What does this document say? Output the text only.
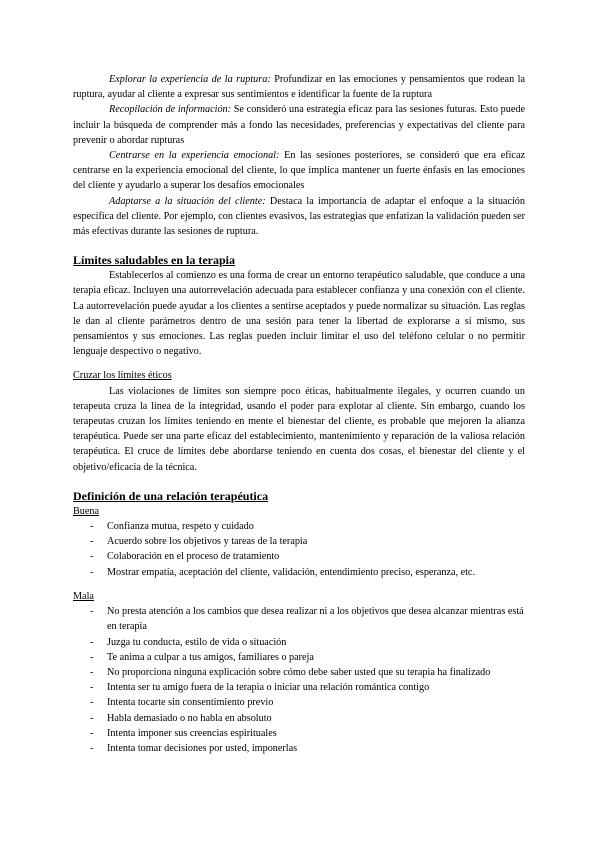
Explorar la experiencia de la ruptura: Profundizar en las emociones y pensamientos que rodean la ruptura, ayudar al cliente a expresar sus sentimientos e identificar la fuente de la ruptura

Recopilación de información: Se consideró una estrategia eficaz para las sesiones futuras. Esto puede incluir la búsqueda de comprender más a fondo las necesidades, preferencias y expectativas del cliente para prevenir o abordar rupturas

Centrarse en la experiencia emocional: En las sesiones posteriores, se consideró que era eficaz centrarse en la experiencia emocional del cliente, lo que implica mantener un fuerte énfasis en las emociones del cliente y ayudarlo a superar los desafíos emocionales

Adaptarse a la situación del cliente: Destaca la importancia de adaptar el enfoque a la situación específica del cliente. Por ejemplo, con clientes evasivos, las estrategias que enfatizan la validación pueden ser más efectivas durante las sesiones de ruptura.

Límites saludables en la terapia

Establecerlos al comienzo es una forma de crear un entorno terapéutico saludable, que conduce a una terapia eficaz. Incluyen una autorrevelación adecuada para establecer confianza y una conexión con el cliente. La autorrevelación puede ayudar a los clientes a sentirse aceptados y puede normalizar su situación. Las reglas le dan al cliente parámetros dentro de una sesión para tener la libertad de explorarse a sí mismo, sus pensamientos y sus emociones. Las reglas pueden incluir limitar el uso del teléfono celular o no permitir lenguaje despectivo o negativo.

Cruzar los límites éticos

Las violaciones de límites son siempre poco éticas, habitualmente ilegales, y ocurren cuando un terapeuta cruza la línea de la integridad, usando el poder para explotar al cliente. Sin embargo, cuando los terapeutas cruzan los límites teniendo en mente el bienestar del cliente, es probable que mejoren la alianza terapéutica. Puede ser una parte eficaz del establecimiento, mantenimiento y reparación de la valiosa relación terapéutica. El cruce de límites debe abordarse teniendo en cuenta dos cosas, el bienestar del cliente y el objetivo/eficacia de la técnica.

Definición de una relación terapéutica

Buena

- Confianza mutua, respeto y cuidado
- Acuerdo sobre los objetivos y tareas de la terapia
- Colaboración en el proceso de tratamiento
- Mostrar empatía, aceptación del cliente, validación, entendimiento preciso, esperanza, etc.

Mala

- No presta atención a los cambios que desea realizar ni a los objetivos que desea alcanzar mientras está en terapia
- Juzga tu conducta, estilo de vida o situación
- Te anima a culpar a tus amigos, familiares o pareja
- No proporciona ninguna explicación sobre cómo debe saber usted que su terapia ha finalizado
- Intenta ser tu amigo fuera de la terapia o iniciar una relación romántica contigo
- Intenta tocarte sin consentimiento previo
- Habla demasiado o no habla en absoluto
- Intenta imponer sus creencias espirituales
- Intenta tomar decisiones por usted, imponerlas
